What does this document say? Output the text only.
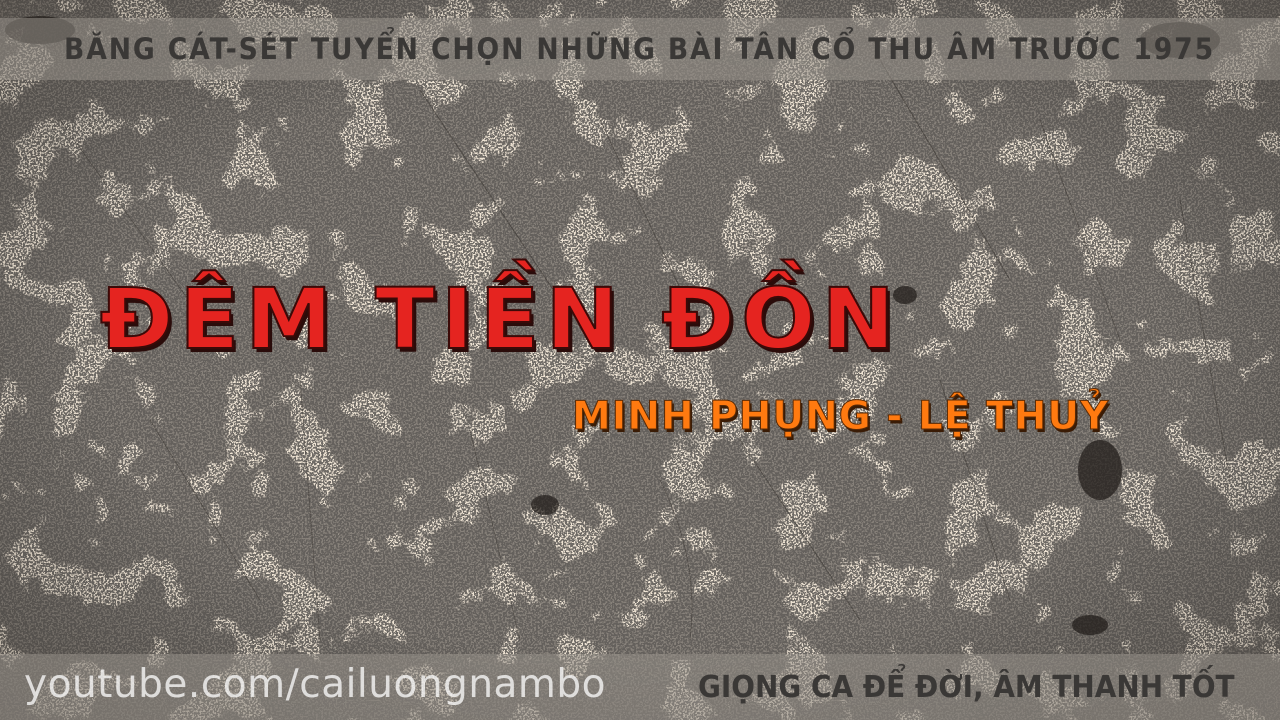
BĂNG CÁT-SÉT TUYỂN CHỌN NHỮNG BÀI TÂN CỔ THU ÂM TRƯỚC 1975
ĐÊM TIỀN ĐỒN
MINH PHỤNG - LỆ THUỶ
youtube.com/cailuongnambo	GIỌNG CA ĐỂ ĐỜI, ÂM THANH TỐT
